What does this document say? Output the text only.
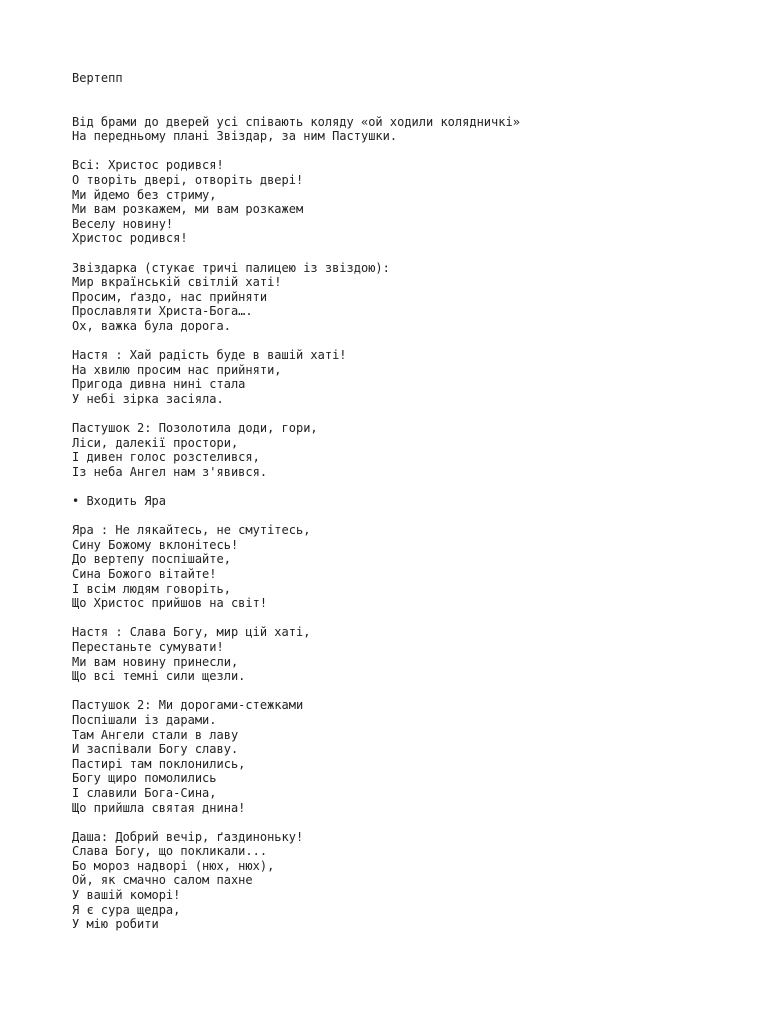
Вертепп
Від брами до дверей усі співають коляду «ой ходили колядничкі»
На передньому плані Звіздар, за ним Пастушки.
Всі: Христос родився!
О творіть двері, отворіть двері!
Ми йдемо без стриму,
Ми вам розкажем, ми вам розкажем
Веселу новину!
Христос родився!
Звіздарка (стукає тричі палицею із звіздою):
Мир вкраїнській світлій хаті!
Просим, ґаздо, нас прийняти
Прославляти Христа-Бога….
Ох, важка була дорога.
Настя : Хай радість буде в вашій хаті!
На хвилю просим нас прийняти,
Пригода дивна нині стала
У небі зірка засіяла.
Пастушок 2: Позолотила доди, гори,
Ліси, далекії простори,
І дивен голос розстелився,
Із неба Ангел нам з'явився.
• Входить Яра
Яра : Не лякайтесь, не смутітесь,
Сину Божому вклонітесь!
До вертепу поспішайте,
Сина Божого вітайте!
І всім людям говоріть,
Що Христос прийшов на світ!
Настя : Слава Богу, мир цій хаті,
Перестаньте сумувати!
Ми вам новину принесли,
Що всі темні сили щезли.
Пастушок 2: Ми дорогами-стежками
Поспішали із дарами.
Там Ангели стали в лаву
И заспівали Богу славу.
Пастирі там поклонились,
Богу щиро помолились
І славили Бога-Сина,
Що прийшла святая днина!
Даша: Добрий вечір, ґаздиноньку!
Слава Богу, що покликали...
Бо мороз надворі (нюх, нюх),
Ой, як смачно салом пахне
У вашій коморі!
Я є сура щедра,
У мію робити
